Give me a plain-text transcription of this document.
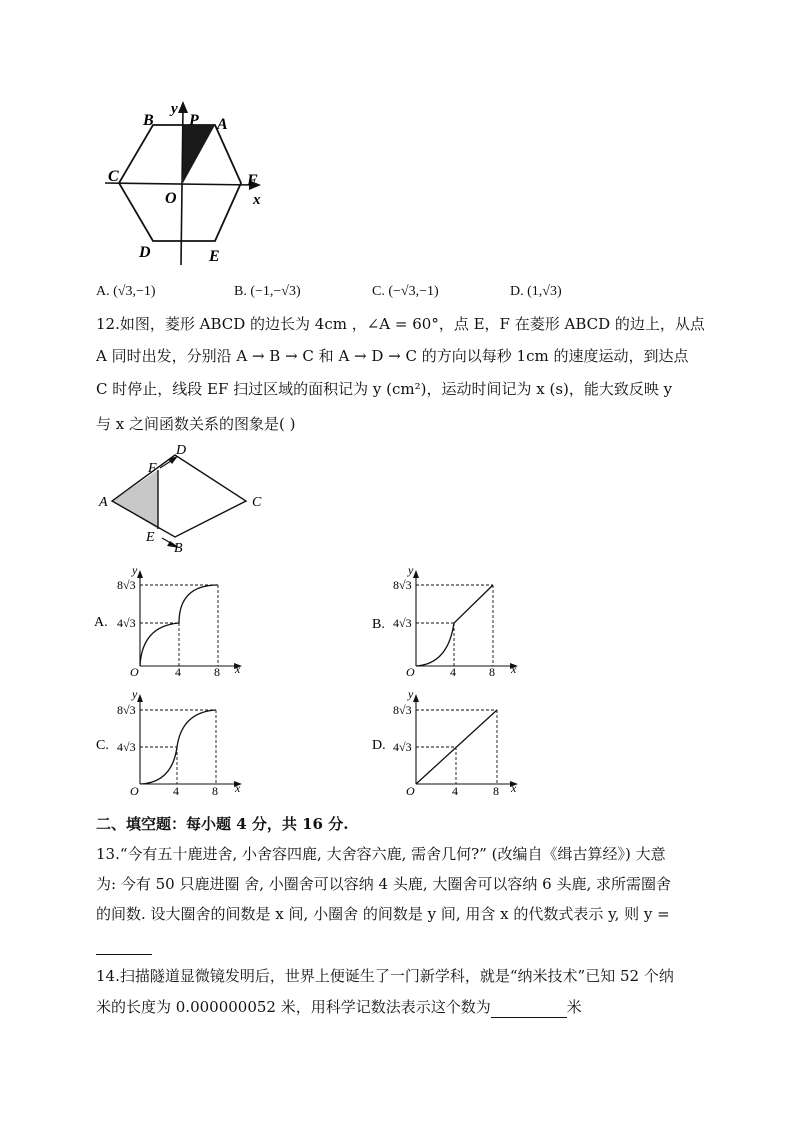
B
y
P A
C
O
F
x
D	E
A. (√3,−1)	B. (−1,−√3)	C. (−√3,−1)	D. (1,√3)
12.如图，菱形 ABCD 的边长为 4cm ，∠A = 60°，点 E，F 在菱形 ABCD 的边上，从点
A 同时出发，分别沿 A → B → C 和 A → D → C 的方向以每秒 1cm 的速度运动，到达点
C 时停止，线段 EF 扫过区域的面积记为 y (cm²)，运动时间记为 x (s)，能大致反映 y
与 x 之间函数关系的图象是( )
A
B
C
D
E
F
A.
y
8√3
4√3
O	4	8 x
B.
y
8√3
4√3
O	4	8 x
C.
y
8√3
4√3
O	4	8 x
D.
y
8√3
4√3
O	4	8 x
二、填空题：每小题 4 分，共 16 分.
13.“今有五十鹿进舍, 小舍容四鹿, 大舍容六鹿, 需舍几何?” (改编自《缉古算经》) 大意
为: 今有 50 只鹿进圈 舍, 小圈舍可以容纳 4 头鹿, 大圈舍可以容纳 6 头鹿, 求所需圈舍
的间数. 设大圈舍的间数是 x 间, 小圈舍 的间数是 y 间, 用含 x 的代数式表示 y, 则 y =
14.扫描隧道显微镜发明后，世界上便诞生了一门新学科，就是“纳米技术”已知 52 个纳
米的长度为 0.000000052 米，用科学记数法表示这个数为	米
